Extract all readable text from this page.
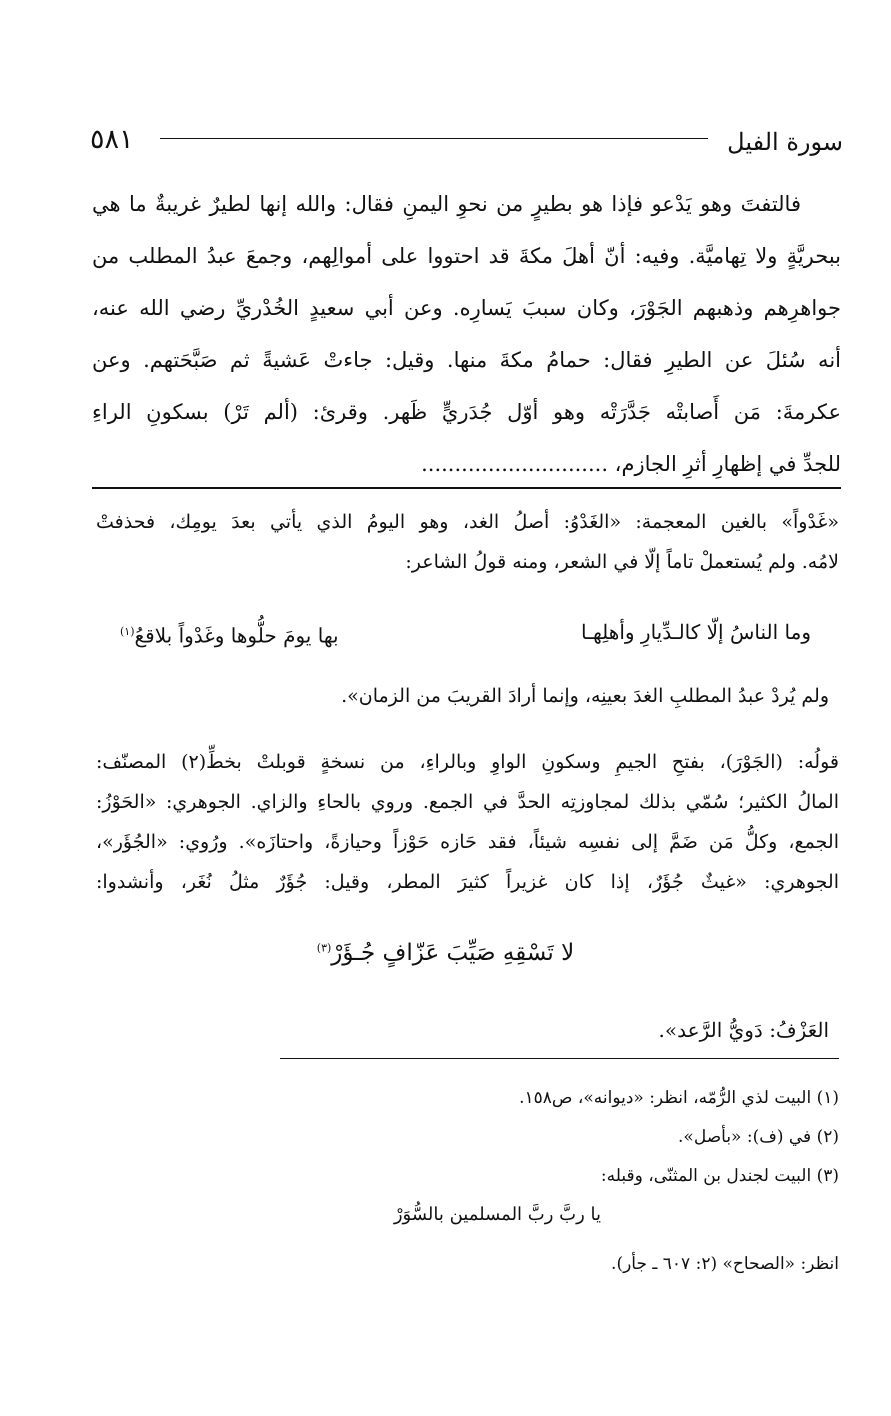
سورة الفيل
٥٨١
فالتفتَ وهو يَدْعو فإذا هو بطيرٍ من نحوِ اليمنِ فقال: والله إنها لطيرٌ غريبةٌ ما هي
ببحريَّةٍ ولا تِهاميَّة. وفيه: أنّ أهلَ مكةَ قد احتووا على أموالِهم، وجمعَ عبدُ المطلب من
جواهرِهم وذهبهم الجَوْرَ، وكان سببَ يَسارِه. وعن أبي سعيدٍ الخُدْريِّ رضي الله عنه،
أنه سُئلَ عن الطيرِ فقال: حمامُ مكةَ منها. وقيل: جاءتْ عَشيةً ثم صَبَّحَتهم. وعن
عكرمةَ: مَن أَصابتْه جَدَّرَتْه وهو أوّل جُدَريٍّ ظَهر. وقرئ: (ألم تَرْ) بسكونِ الراءِ
للجدِّ في إظهارِ أثرِ الجازم، ............................
«غَدْواً» بالغين المعجمة: «الغَدْوُ: أصلُ الغد، وهو اليومُ الذي يأتي بعدَ يومِك، فحذفتْ
لامُه. ولم يُستعملْ تاماً إلّا في الشعر، ومنه قولُ الشاعر:
وما الناسُ إلّا كالـدِّيارِ وأهلِهـا
بها يومَ حلُّوها وغَدْواً بلاقعُ$^{(١)}$
ولم يُردْ عبدُ المطلبِ الغدَ بعينِه، وإنما أرادَ القريبَ من الزمان».
قولُه: (الجَوْرَ)، بفتحِ الجيمِ وسكونِ الواوِ وبالراءِ، من نسخةٍ قوبلتْ بخطِّ(٢) المصنّف:
المالُ الكثير؛ سُمّي بذلك لمجاوزتِه الحدَّ في الجمع. وروي بالحاءِ والزاي. الجوهري: «الحَوْزُ:
الجمع، وكلُّ مَن ضَمَّ إلى نفسِه شيئاً، فقد حَازه حَوْزاً وحيازةً، واحتازَه». ورُوي: «الجُؤَر»،
الجوهري: «غيثٌ جُؤَرٌ، إذا كان غزيراً كثيرَ المطر، وقيل: جُؤَرٌ مثلُ نُغَر، وأنشدوا:
لا تَسْقِهِ صَيِّبَ عَزّافٍ جُـؤَرْ$^{(٣)}$
العَزْفُ: دَويُّ الرَّعد».
(١) البيت لذي الرُّمّه، انظر: «ديوانه»، ص١٥٨.
(٢) في (ف): «بأصل».
(٣) البيت لجندل بن المثنّى، وقبله:
يا ربَّ ربَّ المسلمين بالسُّوَرْ
انظر: «الصحاح» (٢: ٦٠٧ ـ جأر).
